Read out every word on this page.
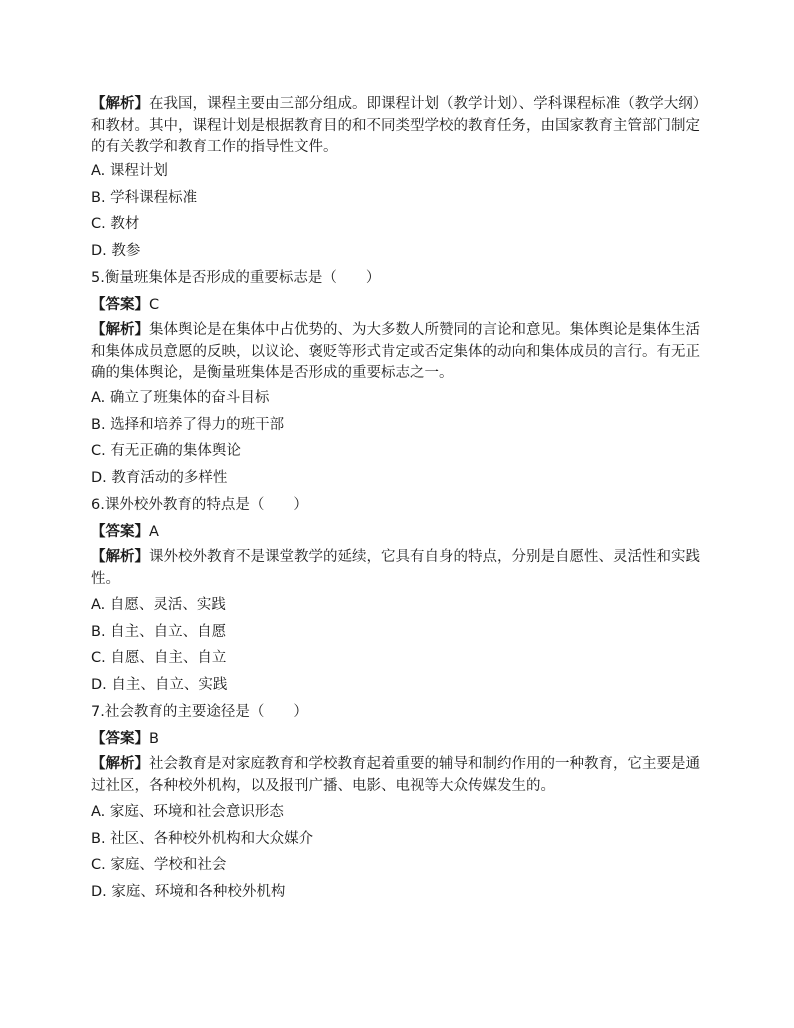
【解析】在我国，课程主要由三部分组成。即课程计划（教学计划）、学科课程标准（教学大纲）和教材。其中，课程计划是根据教育目的和不同类型学校的教育任务，由国家教育主管部门制定的有关教学和教育工作的指导性文件。
A. 课程计划
B. 学科课程标准
C. 教材
D. 教参
5.衡量班集体是否形成的重要标志是（　　）
【答案】C
【解析】集体舆论是在集体中占优势的、为大多数人所赞同的言论和意见。集体舆论是集体生活和集体成员意愿的反映，以议论、褒贬等形式肯定或否定集体的动向和集体成员的言行。有无正确的集体舆论，是衡量班集体是否形成的重要标志之一。
A. 确立了班集体的奋斗目标
B. 选择和培养了得力的班干部
C. 有无正确的集体舆论
D. 教育活动的多样性
6.课外校外教育的特点是（　　）
【答案】A
【解析】课外校外教育不是课堂教学的延续，它具有自身的特点，分别是自愿性、灵活性和实践性。
A. 自愿、灵活、实践
B. 自主、自立、自愿
C. 自愿、自主、自立
D. 自主、自立、实践
7.社会教育的主要途径是（　　）
【答案】B
【解析】社会教育是对家庭教育和学校教育起着重要的辅导和制约作用的一种教育，它主要是通过社区，各种校外机构，以及报刊广播、电影、电视等大众传媒发生的。
A. 家庭、环境和社会意识形态
B. 社区、各种校外机构和大众媒介
C. 家庭、学校和社会
D. 家庭、环境和各种校外机构
